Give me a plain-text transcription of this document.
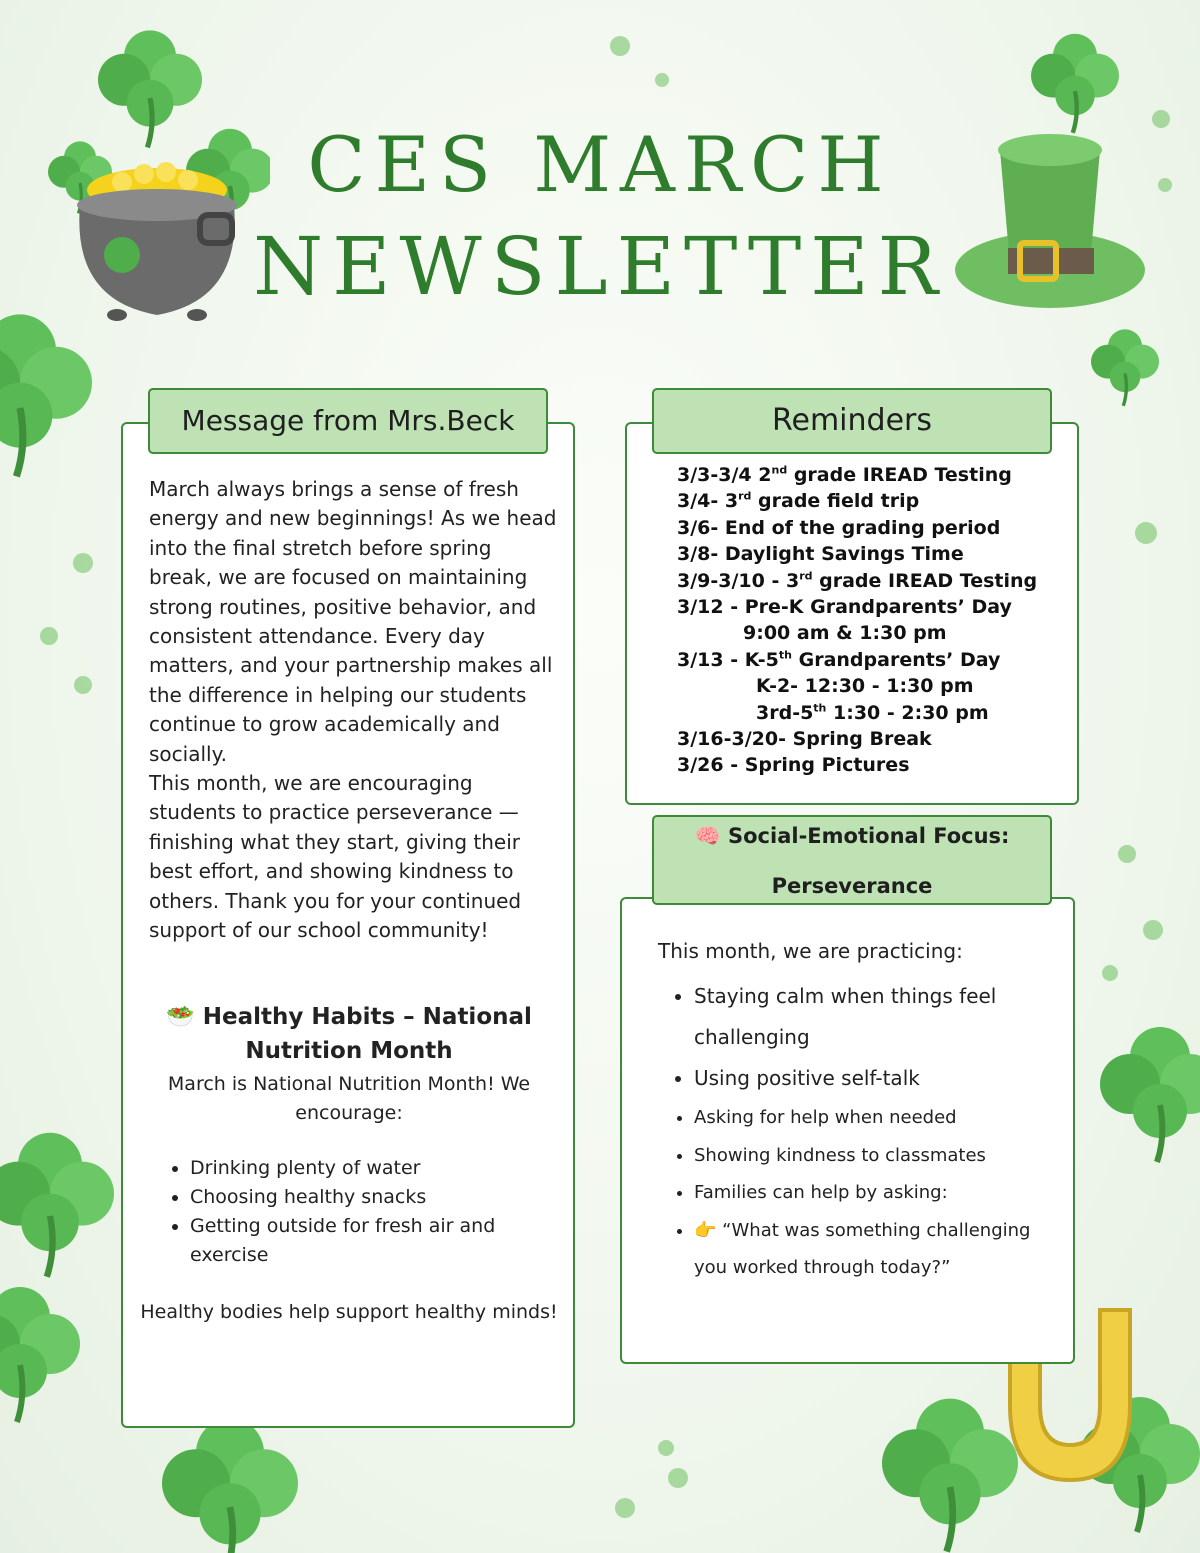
CES MARCH
NEWSLETTER
Message from Mrs.Beck

March always brings a sense of fresh energy and new beginnings! As we head into the final stretch before spring break, we are focused on maintaining strong routines, positive behavior, and consistent attendance. Every day matters, and your partnership makes all the difference in helping our students continue to grow academically and socially.

This month, we are encouraging students to practice perseverance — finishing what they start, giving their best effort, and showing kindness to others. Thank you for your continued support of our school community!

🥗 Healthy Habits – National Nutrition Month
March is National Nutrition Month! We encourage:
• Drinking plenty of water
• Choosing healthy snacks
• Getting outside for fresh air and exercise
Healthy bodies help support healthy minds!
Reminders
3/3-3/4 2nd grade IREAD Testing
3/4- 3rd grade field trip
3/6- End of the grading period
3/8- Daylight Savings Time
3/9-3/10 - 3rd grade IREAD Testing
3/12 - Pre-K Grandparents’ Day
9:00 am & 1:30 pm
3/13 - K-5th Grandparents’ Day
K-2- 12:30 - 1:30 pm
3rd-5th 1:30 - 2:30 pm
3/16-3/20- Spring Break
3/26 - Spring Pictures
🧠 Social-Emotional Focus:
Perseverance
This month, we are practicing:
• Staying calm when things feel challenging
• Using positive self-talk
• Asking for help when needed
• Showing kindness to classmates
• Families can help by asking:
• 👉 “What was something challenging you worked through today?”
